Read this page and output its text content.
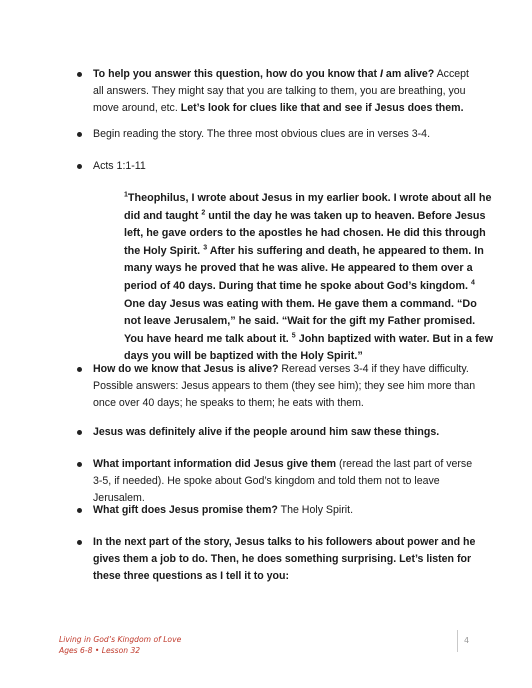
To help you answer this question, how do you know that I am alive? Accept all answers. They might say that you are talking to them, you are breathing, you move around, etc. Let’s look for clues like that and see if Jesus does them.
Begin reading the story. The three most obvious clues are in verses 3-4.
Acts 1:1-11
$^1$Theophilus, I wrote about Jesus in my earlier book. I wrote about all he did and taught $^2$ until the day he was taken up to heaven. Before Jesus left, he gave orders to the apostles he had chosen. He did this through the Holy Spirit. $^3$ After his suffering and death, he appeared to them. In many ways he proved that he was alive. He appeared to them over a period of 40 days. During that time he spoke about God’s kingdom. $^4$ One day Jesus was eating with them. He gave them a command. “Do not leave Jerusalem,” he said. “Wait for the gift my Father promised. You have heard me talk about it. $^5$ John baptized with water. But in a few days you will be baptized with the Holy Spirit.”
How do we know that Jesus is alive? Reread verses 3-4 if they have difficulty. Possible answers: Jesus appears to them (they see him); they see him more than once over 40 days; he speaks to them; he eats with them.
Jesus was definitely alive if the people around him saw these things.
What important information did Jesus give them (reread the last part of verse 3-5, if needed). He spoke about God’s kingdom and told them not to leave Jerusalem.
What gift does Jesus promise them? The Holy Spirit.
In the next part of the story, Jesus talks to his followers about power and he gives them a job to do. Then, he does something surprising. Let’s listen for these three questions as I tell it to you:
Living in God’s Kingdom of Love
Ages 6-8 • Lesson 32
4
